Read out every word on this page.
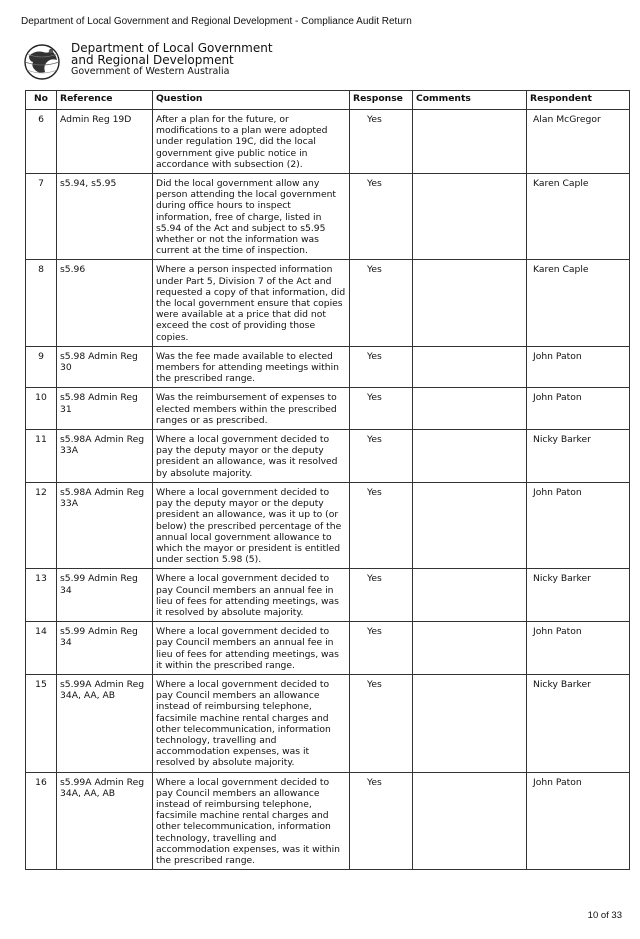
Department of Local Government and Regional Development - Compliance Audit Return
Department of Local Government
and Regional Development
Government of Western Australia
No	Reference	Question	Response	Comments	Respondent
6	Admin Reg 19D	After a plan for the future, or modifications to a plan were adopted under regulation 19C, did the local government give public notice in accordance with subsection (2).	Yes		Alan McGregor
7	s5.94, s5.95	Did the local government allow any person attending the local government during office hours to inspect information, free of charge, listed in s5.94 of the Act and subject to s5.95 whether or not the information was current at the time of inspection.	Yes		Karen Caple
8	s5.96	Where a person inspected information under Part 5, Division 7 of the Act and requested a copy of that information, did the local government ensure that copies were available at a price that did not exceed the cost of providing those copies.	Yes		Karen Caple
9	s5.98 Admin Reg 30	Was the fee made available to elected members for attending meetings within the prescribed range.	Yes		John Paton
10	s5.98 Admin Reg 31	Was the reimbursement of expenses to elected members within the prescribed ranges or as prescribed.	Yes		John Paton
11	s5.98A Admin Reg 33A	Where a local government decided to pay the deputy mayor or the deputy president an allowance, was it resolved by absolute majority.	Yes		Nicky Barker
12	s5.98A Admin Reg 33A	Where a local government decided to pay the deputy mayor or the deputy president an allowance, was it up to (or below) the prescribed percentage of the annual local government allowance to which the mayor or president is entitled under section 5.98 (5).	Yes		John Paton
13	s5.99 Admin Reg 34	Where a local government decided to pay Council members an annual fee in lieu of fees for attending meetings, was it resolved by absolute majority.	Yes		Nicky Barker
14	s5.99 Admin Reg 34	Where a local government decided to pay Council members an annual fee in lieu of fees for attending meetings, was it within the prescribed range.	Yes		John Paton
15	s5.99A Admin Reg 34A, AA, AB	Where a local government decided to pay Council members an allowance instead of reimbursing telephone, facsimile machine rental charges and other telecommunication, information technology, travelling and accommodation expenses, was it resolved by absolute majority.	Yes		Nicky Barker
16	s5.99A Admin Reg 34A, AA, AB	Where a local government decided to pay Council members an allowance instead of reimbursing telephone, facsimile machine rental charges and other telecommunication, information technology, travelling and accommodation expenses, was it within the prescribed range.	Yes		John Paton
10 of 33
